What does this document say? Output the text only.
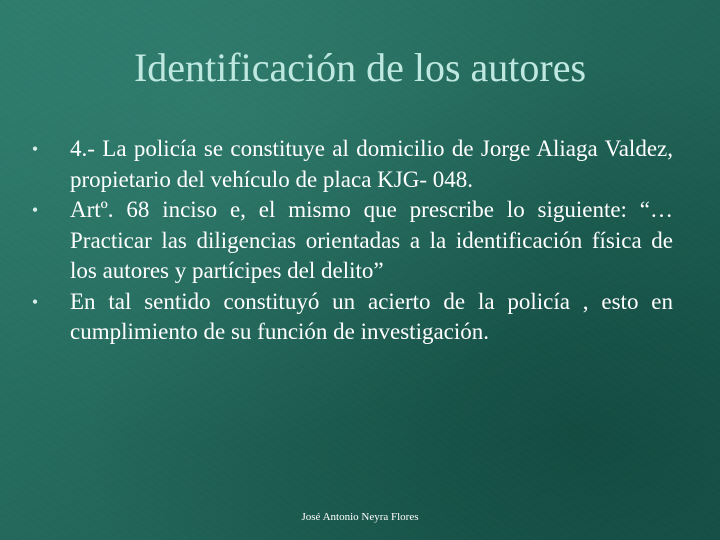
Identificación de los autores
• 4.- La policía se constituye al domicilio de Jorge Aliaga Valdez, propietario del vehículo de placa KJG- 048.
• Artº. 68 inciso e, el mismo que prescribe lo siguiente: “…Practicar las diligencias orientadas a la identificación física de los autores y partícipes del delito”
• En tal sentido constituyó un acierto de la policía , esto en cumplimiento de su función de investigación.
José Antonio Neyra Flores
